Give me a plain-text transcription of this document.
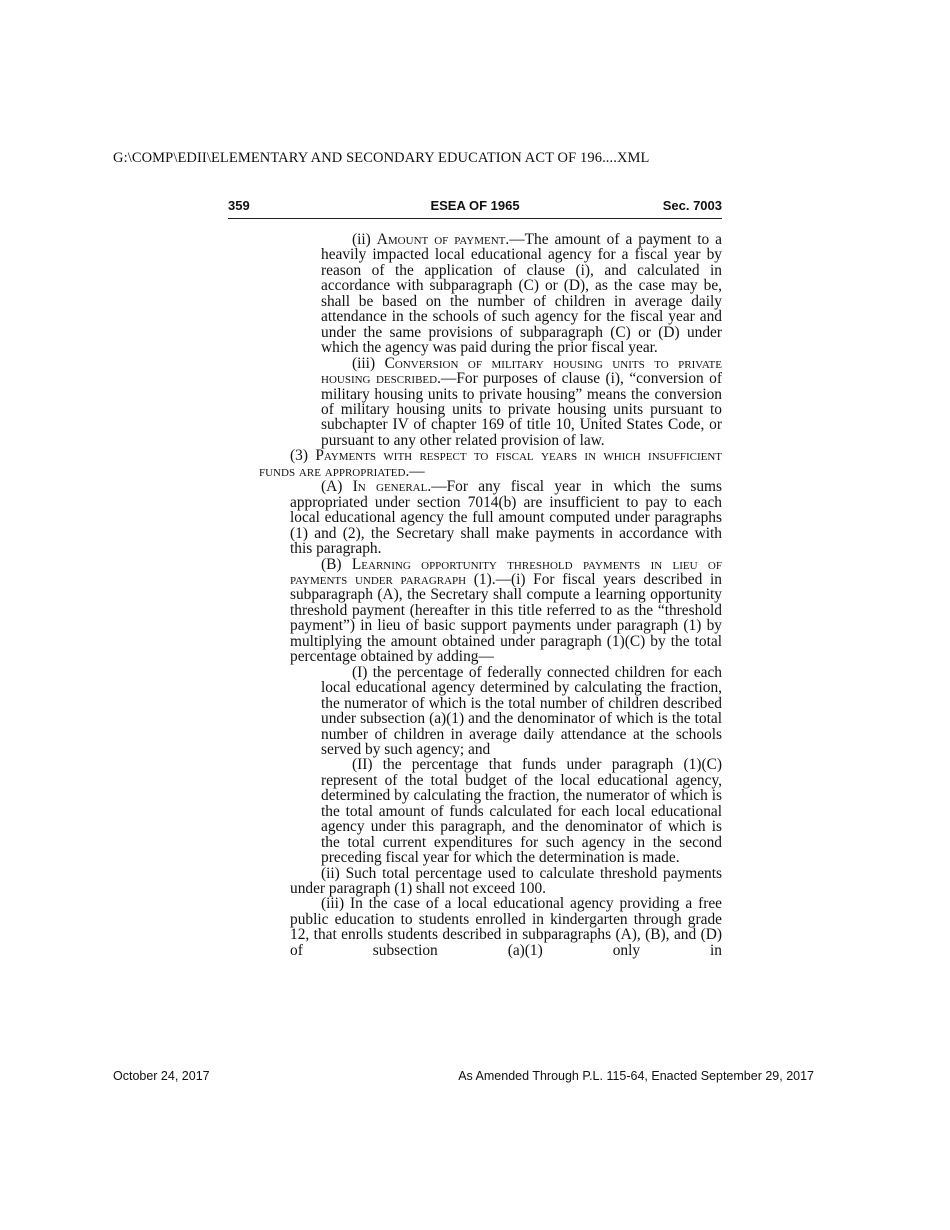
G:\COMP\EDII\ELEMENTARY AND SECONDARY EDUCATION ACT OF 196....XML
359	ESEA OF 1965	Sec. 7003

(ii) Amount of payment.—The amount of a payment to a heavily impacted local educational agency for a fiscal year by reason of the application of clause (i), and calculated in accordance with subparagraph (C) or (D), as the case may be, shall be based on the number of children in average daily attendance in the schools of such agency for the fiscal year and under the same provisions of subparagraph (C) or (D) under which the agency was paid during the prior fiscal year.

(iii) Conversion of military housing units to private housing described.—For purposes of clause (i), “conversion of military housing units to private housing” means the conversion of military housing units to private housing units pursuant to subchapter IV of chapter 169 of title 10, United States Code, or pursuant to any other related provision of law.

(3) Payments with respect to fiscal years in which insufficient funds are appropriated.—

(A) In general.—For any fiscal year in which the sums appropriated under section 7014(b) are insufficient to pay to each local educational agency the full amount computed under paragraphs (1) and (2), the Secretary shall make payments in accordance with this paragraph.

(B) Learning opportunity threshold payments in lieu of payments under paragraph (1).—(i) For fiscal years described in subparagraph (A), the Secretary shall compute a learning opportunity threshold payment (hereafter in this title referred to as the “threshold payment”) in lieu of basic support payments under paragraph (1) by multiplying the amount obtained under paragraph (1)(C) by the total percentage obtained by adding—

(I) the percentage of federally connected children for each local educational agency determined by calculating the fraction, the numerator of which is the total number of children described under subsection (a)(1) and the denominator of which is the total number of children in average daily attendance at the schools served by such agency; and

(II) the percentage that funds under paragraph (1)(C) represent of the total budget of the local educational agency, determined by calculating the fraction, the numerator of which is the total amount of funds calculated for each local educational agency under this paragraph, and the denominator of which is the total current expenditures for such agency in the second preceding fiscal year for which the determination is made.

(ii) Such total percentage used to calculate threshold payments under paragraph (1) shall not exceed 100.

(iii) In the case of a local educational agency providing a free public education to students enrolled in kindergarten through grade 12, that enrolls students described in subparagraphs (A), (B), and (D) of subsection (a)(1) only in

October 24, 2017	As Amended Through P.L. 115-64, Enacted September 29, 2017
